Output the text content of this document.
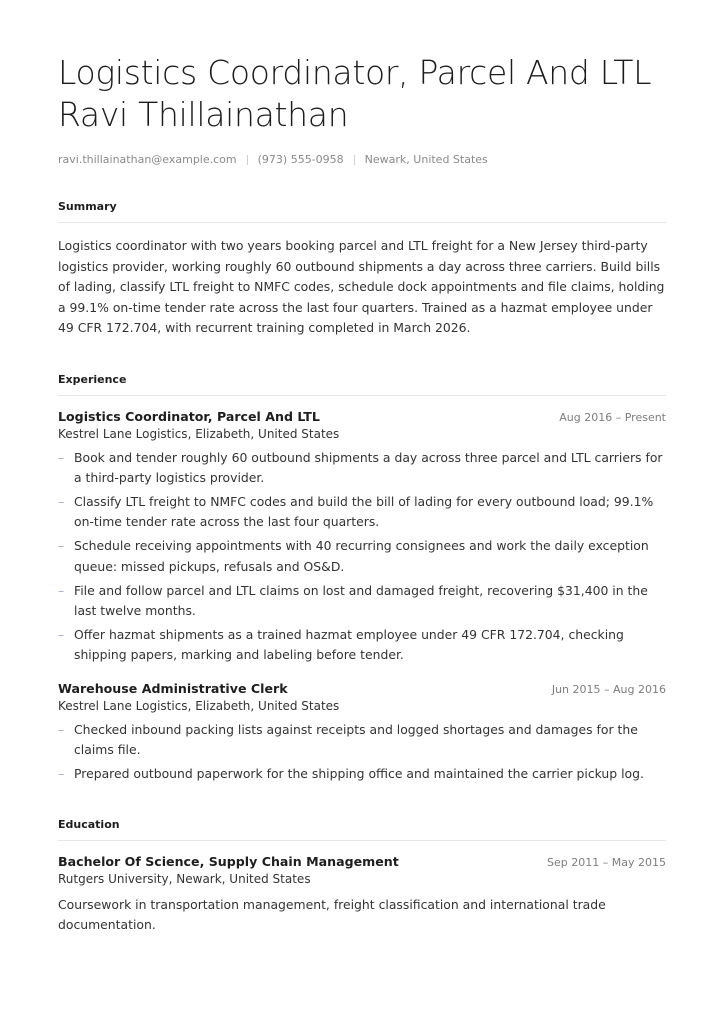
Logistics Coordinator, Parcel And LTL Ravi Thillainathan
ravi.thillainathan@example.com (973) 555-0958 Newark, United States
Summary
Logistics coordinator with two years booking parcel and LTL freight for a New Jersey third-party logistics provider, working roughly 60 outbound shipments a day across three carriers. Build bills of lading, classify LTL freight to NMFC codes, schedule dock appointments and file claims, holding a 99.1% on-time tender rate across the last four quarters. Trained as a hazmat employee under 49 CFR 172.704, with recurrent training completed in March 2026.
Experience
Logistics Coordinator, Parcel And LTL	Aug 2016 – Present
Kestrel Lane Logistics, Elizabeth, United States
– Book and tender roughly 60 outbound shipments a day across three parcel and LTL carriers for a third-party logistics provider.
– Classify LTL freight to NMFC codes and build the bill of lading for every outbound load; 99.1% on-time tender rate across the last four quarters.
– Schedule receiving appointments with 40 recurring consignees and work the daily exception queue: missed pickups, refusals and OS&D.
– File and follow parcel and LTL claims on lost and damaged freight, recovering $31,400 in the last twelve months.
– Offer hazmat shipments as a trained hazmat employee under 49 CFR 172.704, checking shipping papers, marking and labeling before tender.
Warehouse Administrative Clerk	Jun 2015 – Aug 2016
Kestrel Lane Logistics, Elizabeth, United States
– Checked inbound packing lists against receipts and logged shortages and damages for the claims file.
– Prepared outbound paperwork for the shipping office and maintained the carrier pickup log.
Education
Bachelor Of Science, Supply Chain Management	Sep 2011 – May 2015
Rutgers University, Newark, United States
Coursework in transportation management, freight classification and international trade documentation.
